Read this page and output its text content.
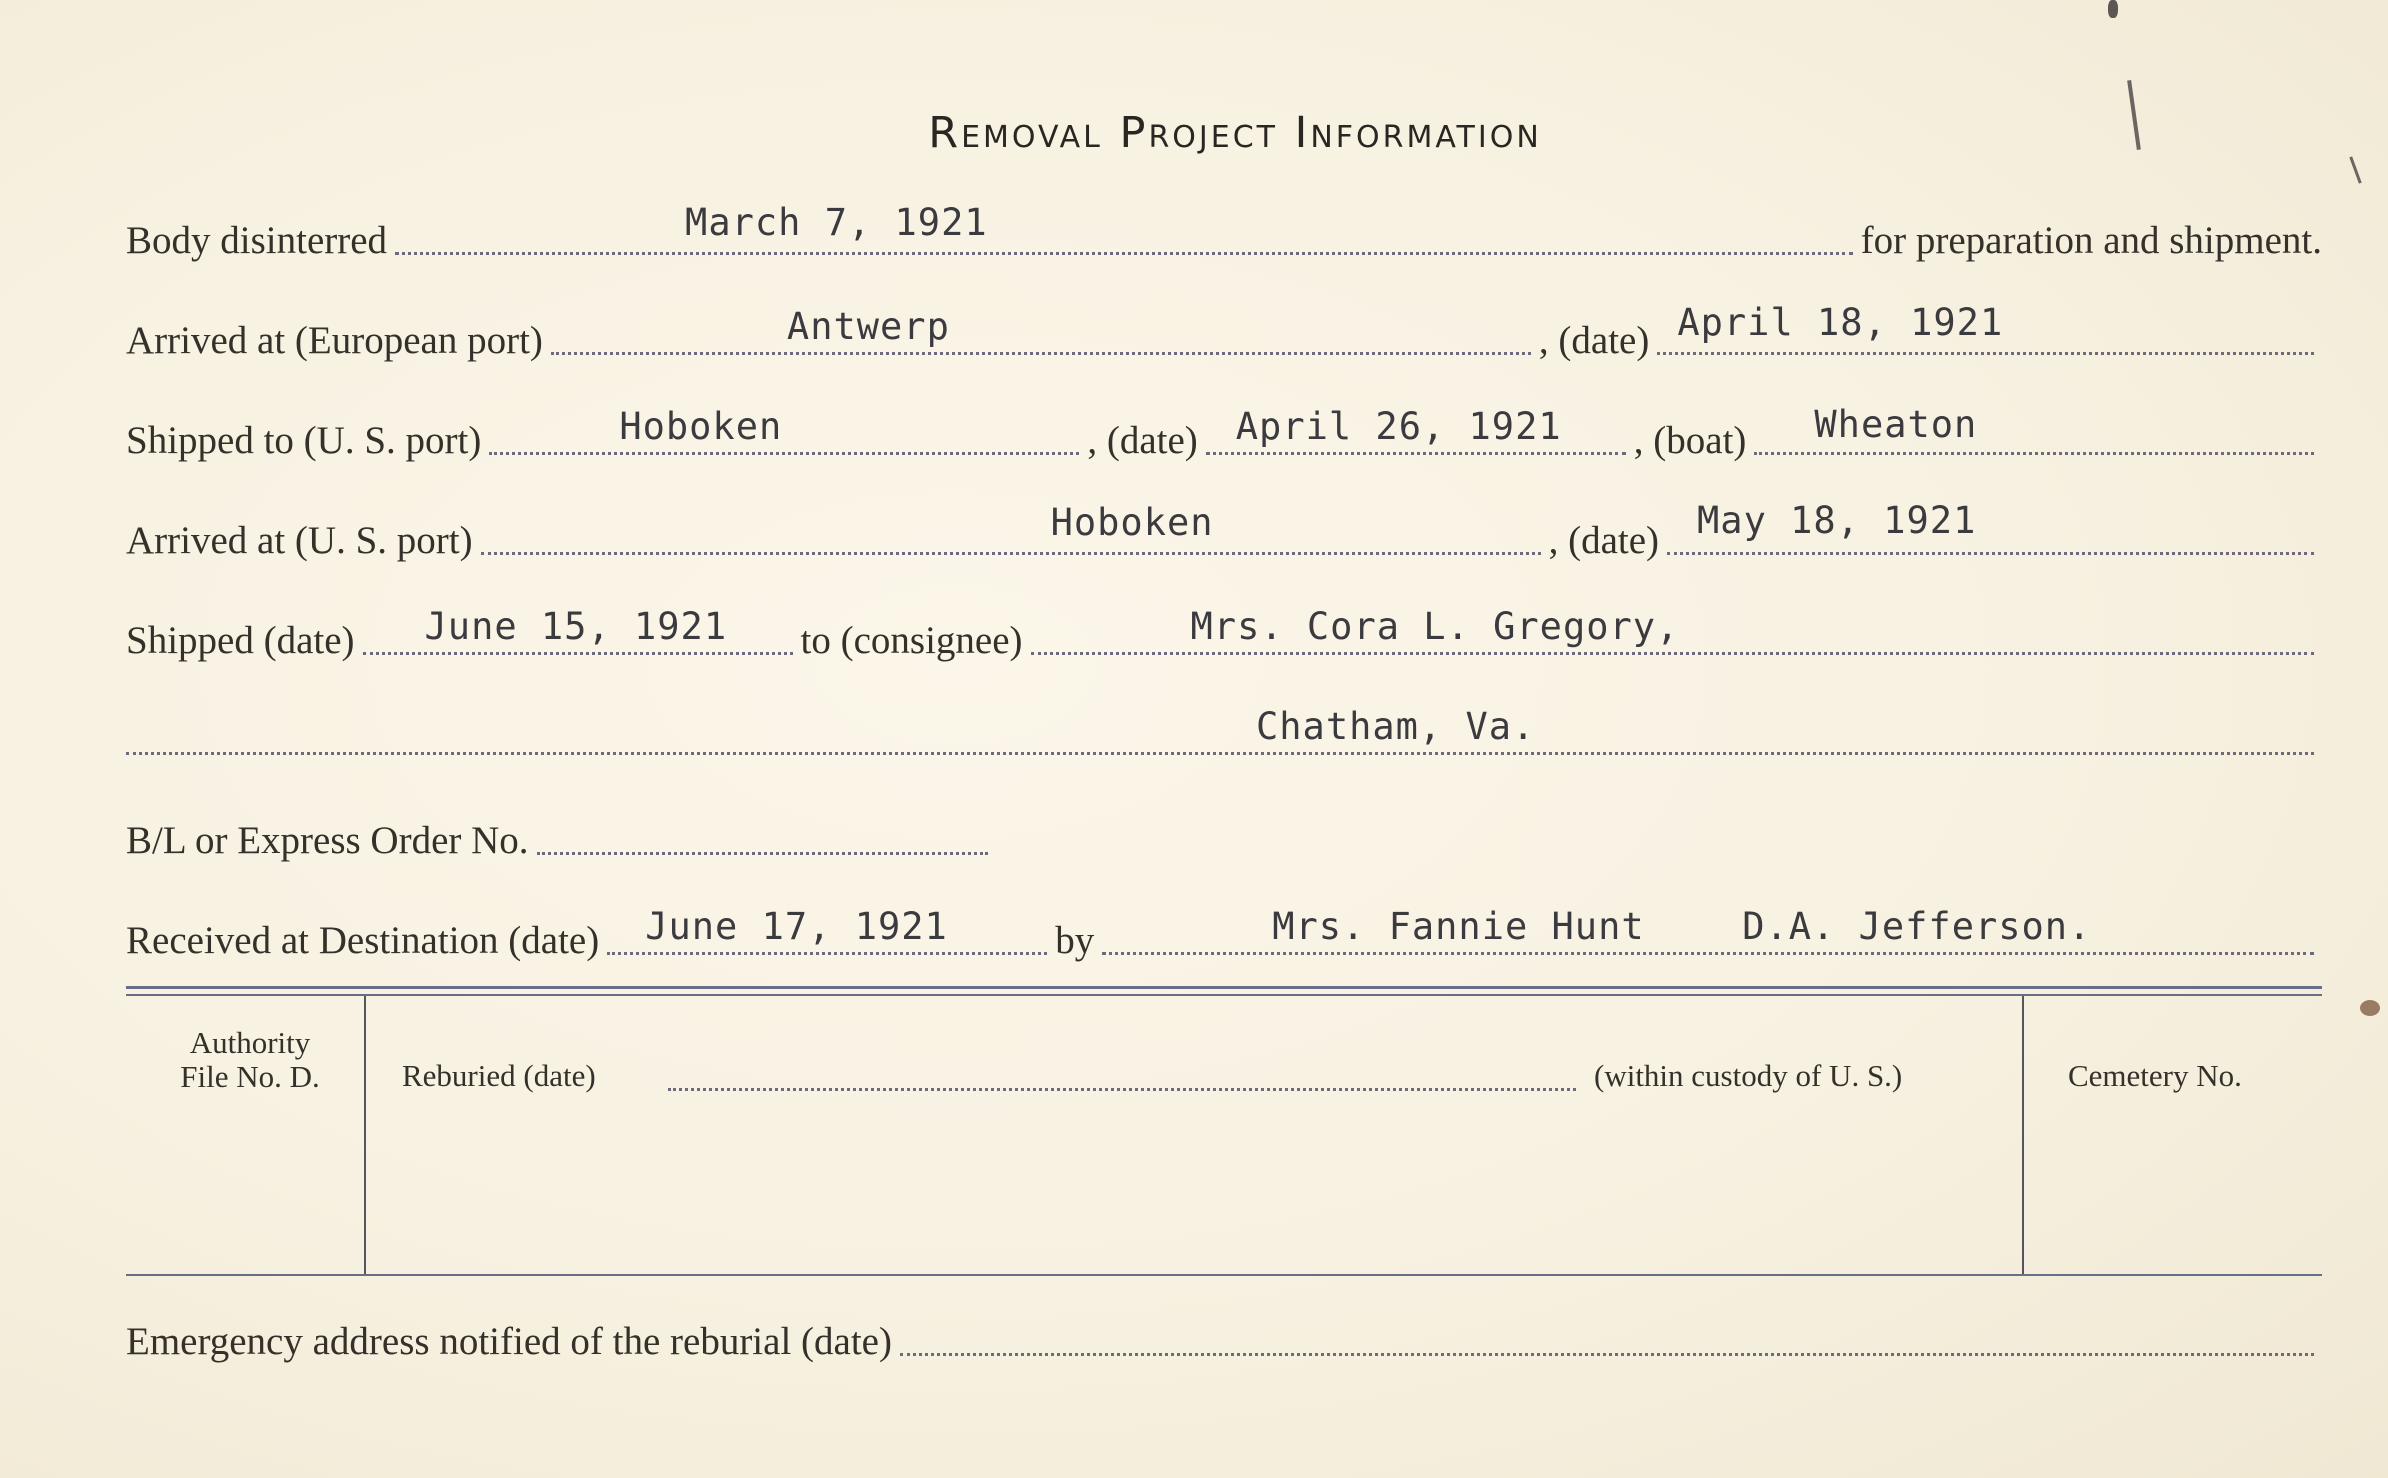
Removal Project Information
Body disinterred	March 7, 1921	for preparation and shipment.
Arrived at (European port)	Antwerp	, (date) April 18, 1921
Shipped to (U. S. port)	Hoboken	, (date) April 26, 1921 , (boat) Wheaton
Arrived at (U. S. port)	Hoboken	, (date) May 18, 1921
Shipped (date) June 15, 1921 to (consignee)	Mrs. Cora L. Gregory,
Chatham, Va.
B/L or Express Order No.
Received at Destination (date) June 17, 1921	by	Mrs. Fannie Hunt	D.A. Jefferson.
Authority
File No. D.	Reburied (date)	(within custody of U. S.)	Cemetery No.
Emergency address notified of the reburial (date)
